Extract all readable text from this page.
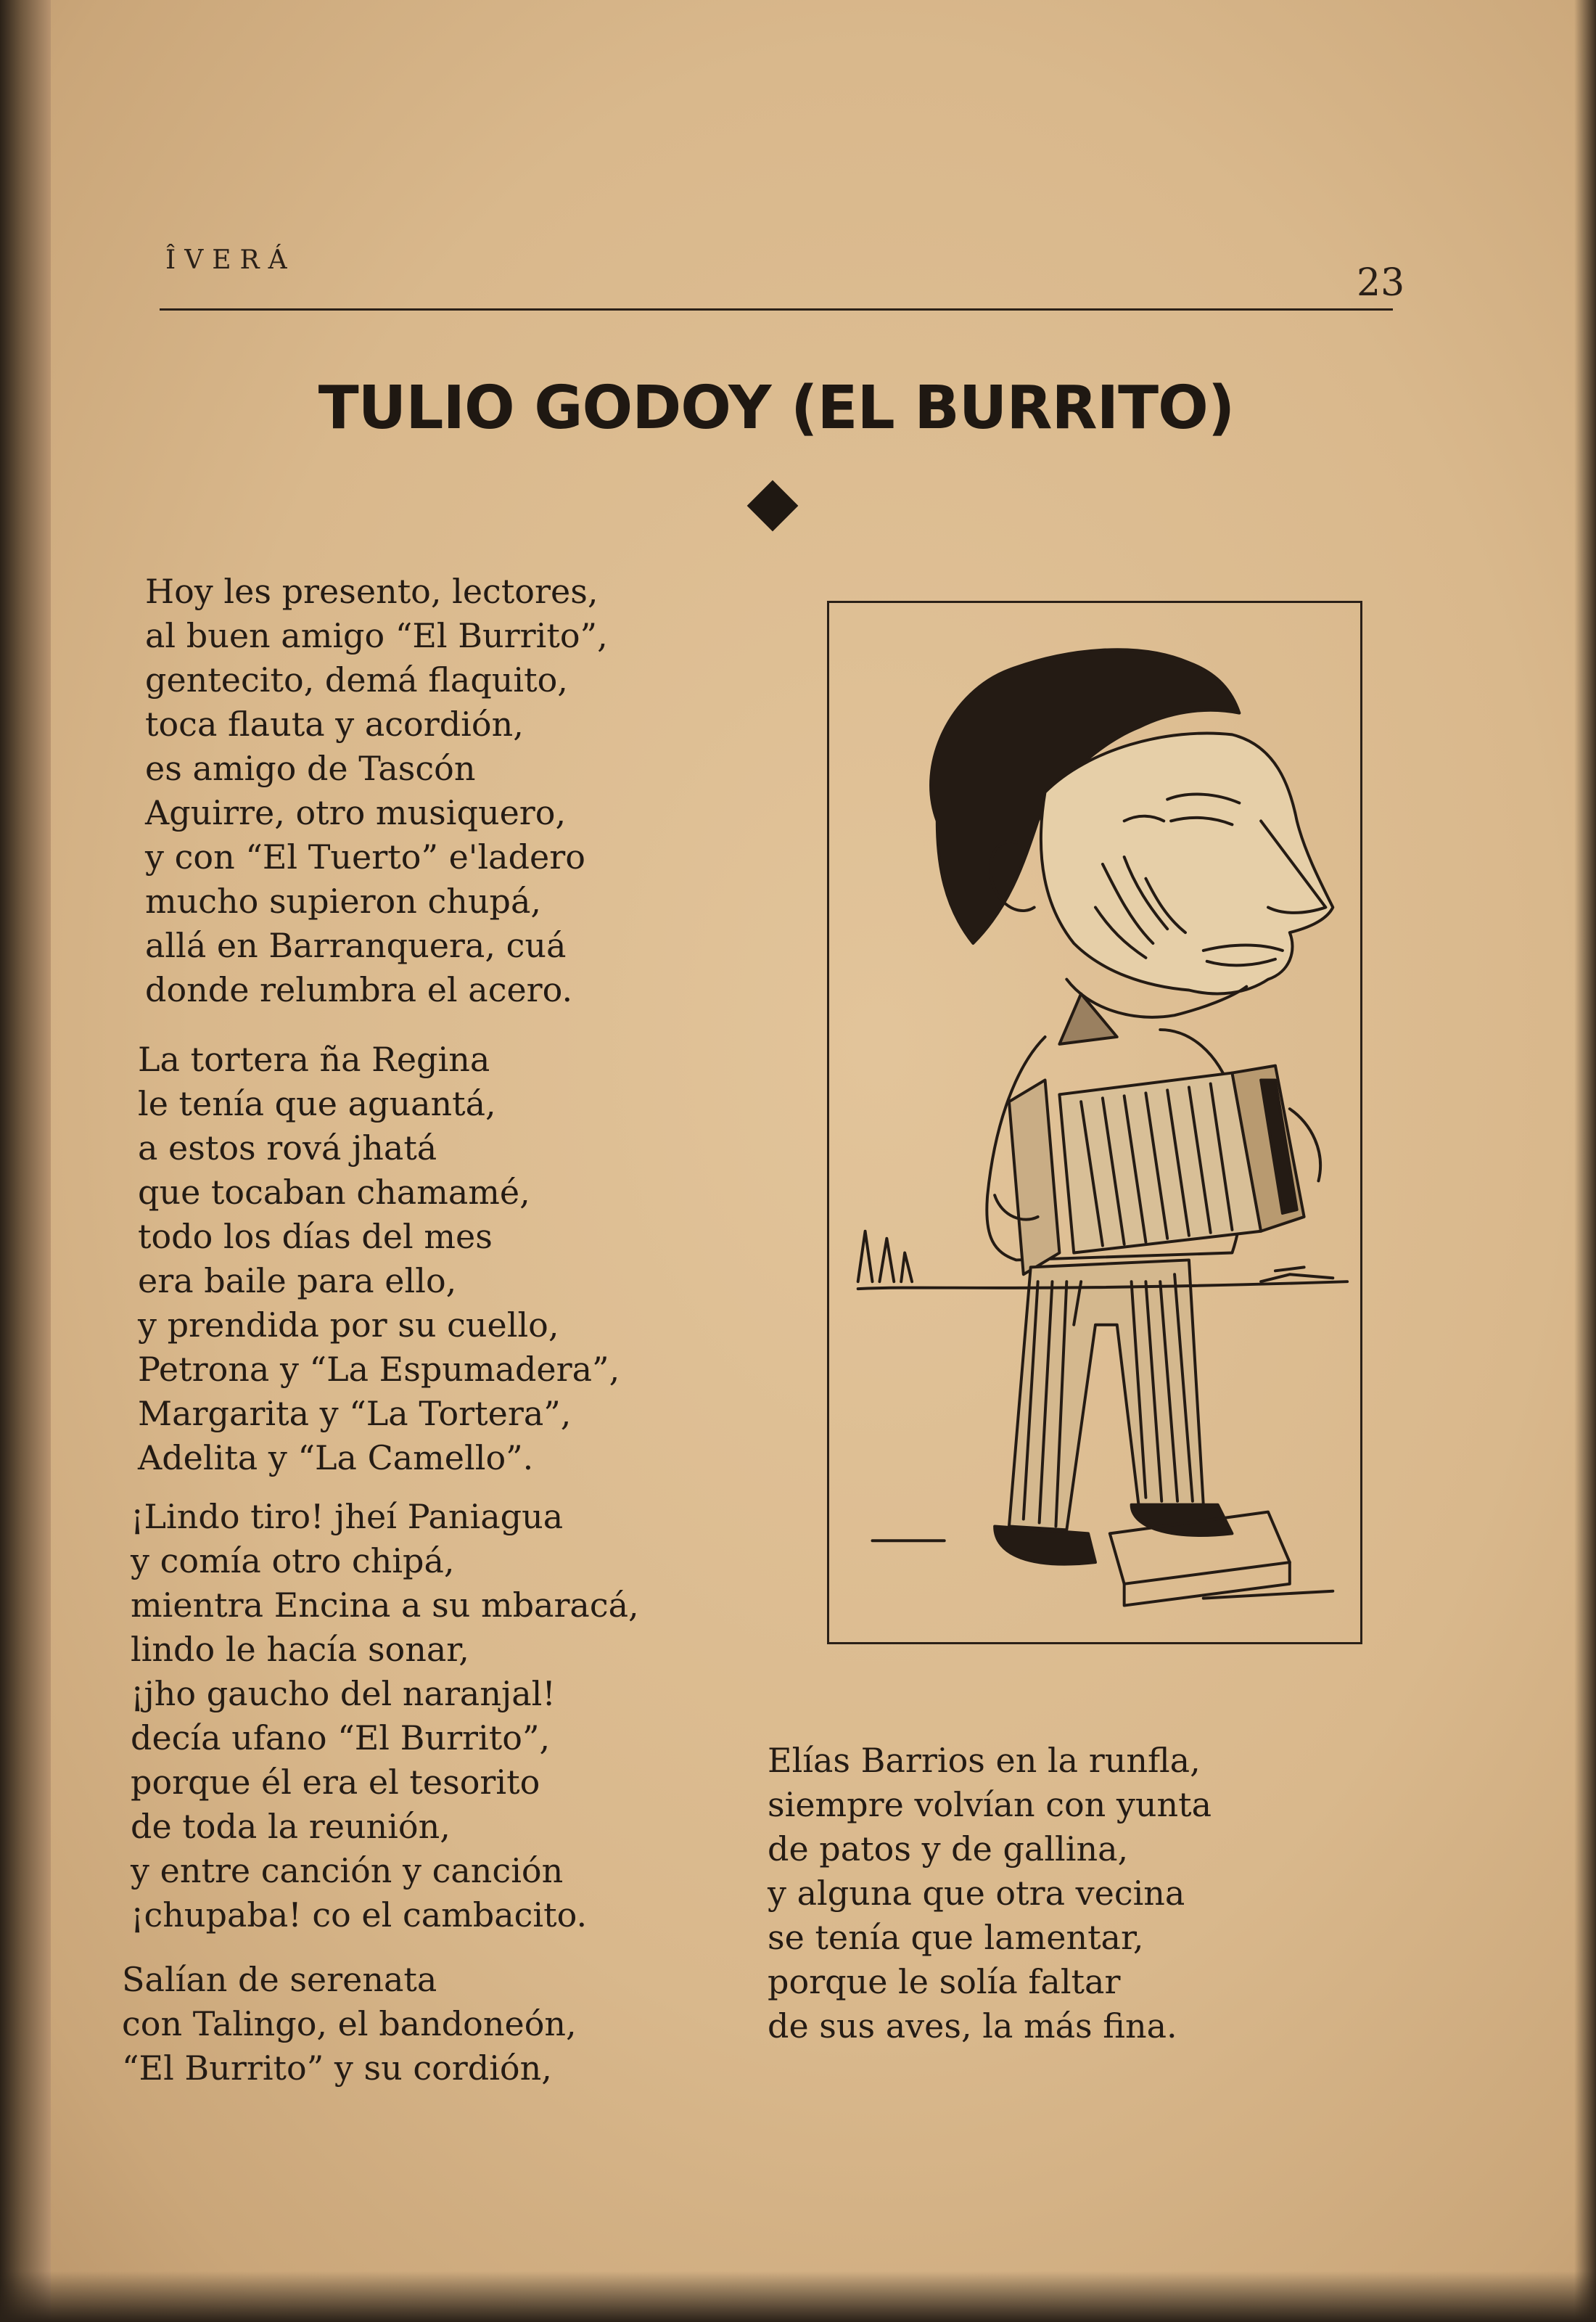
ÎVERÁ
23
TULIO GODOY (EL BURRITO)
Hoy les presento, lectores,
al buen amigo “El Burrito”,
gentecito, demá flaquito,
toca flauta y acordión,
es amigo de Tascón
Aguirre, otro musiquero,
y con “El Tuerto” e'ladero
mucho supieron chupá,
allá en Barranquera, cuá
donde relumbra el acero.
La tortera ña Regina
le tenía que aguantá,
a estos rová jhatá
que tocaban chamamé,
todo los días del mes
era baile para ello,
y prendida por su cuello,
Petrona y “La Espumadera”,
Margarita y “La Tortera”,
Adelita y “La Camello”.
¡Lindo tiro! jheí Paniagua
y comía otro chipá,
mientra Encina a su mbaracá,
lindo le hacía sonar,
¡jho gaucho del naranjal!
decía ufano “El Burrito”,
porque él era el tesorito
de toda la reunión,
y entre canción y canción
¡chupaba! co el cambacito.
Salían de serenata
con Talingo, el bandoneón,
“El Burrito” y su cordión,
Elías Barrios en la runfla,
siempre volvían con yunta
de patos y de gallina,
y alguna que otra vecina
se tenía que lamentar,
porque le solía faltar
de sus aves, la más fina.
